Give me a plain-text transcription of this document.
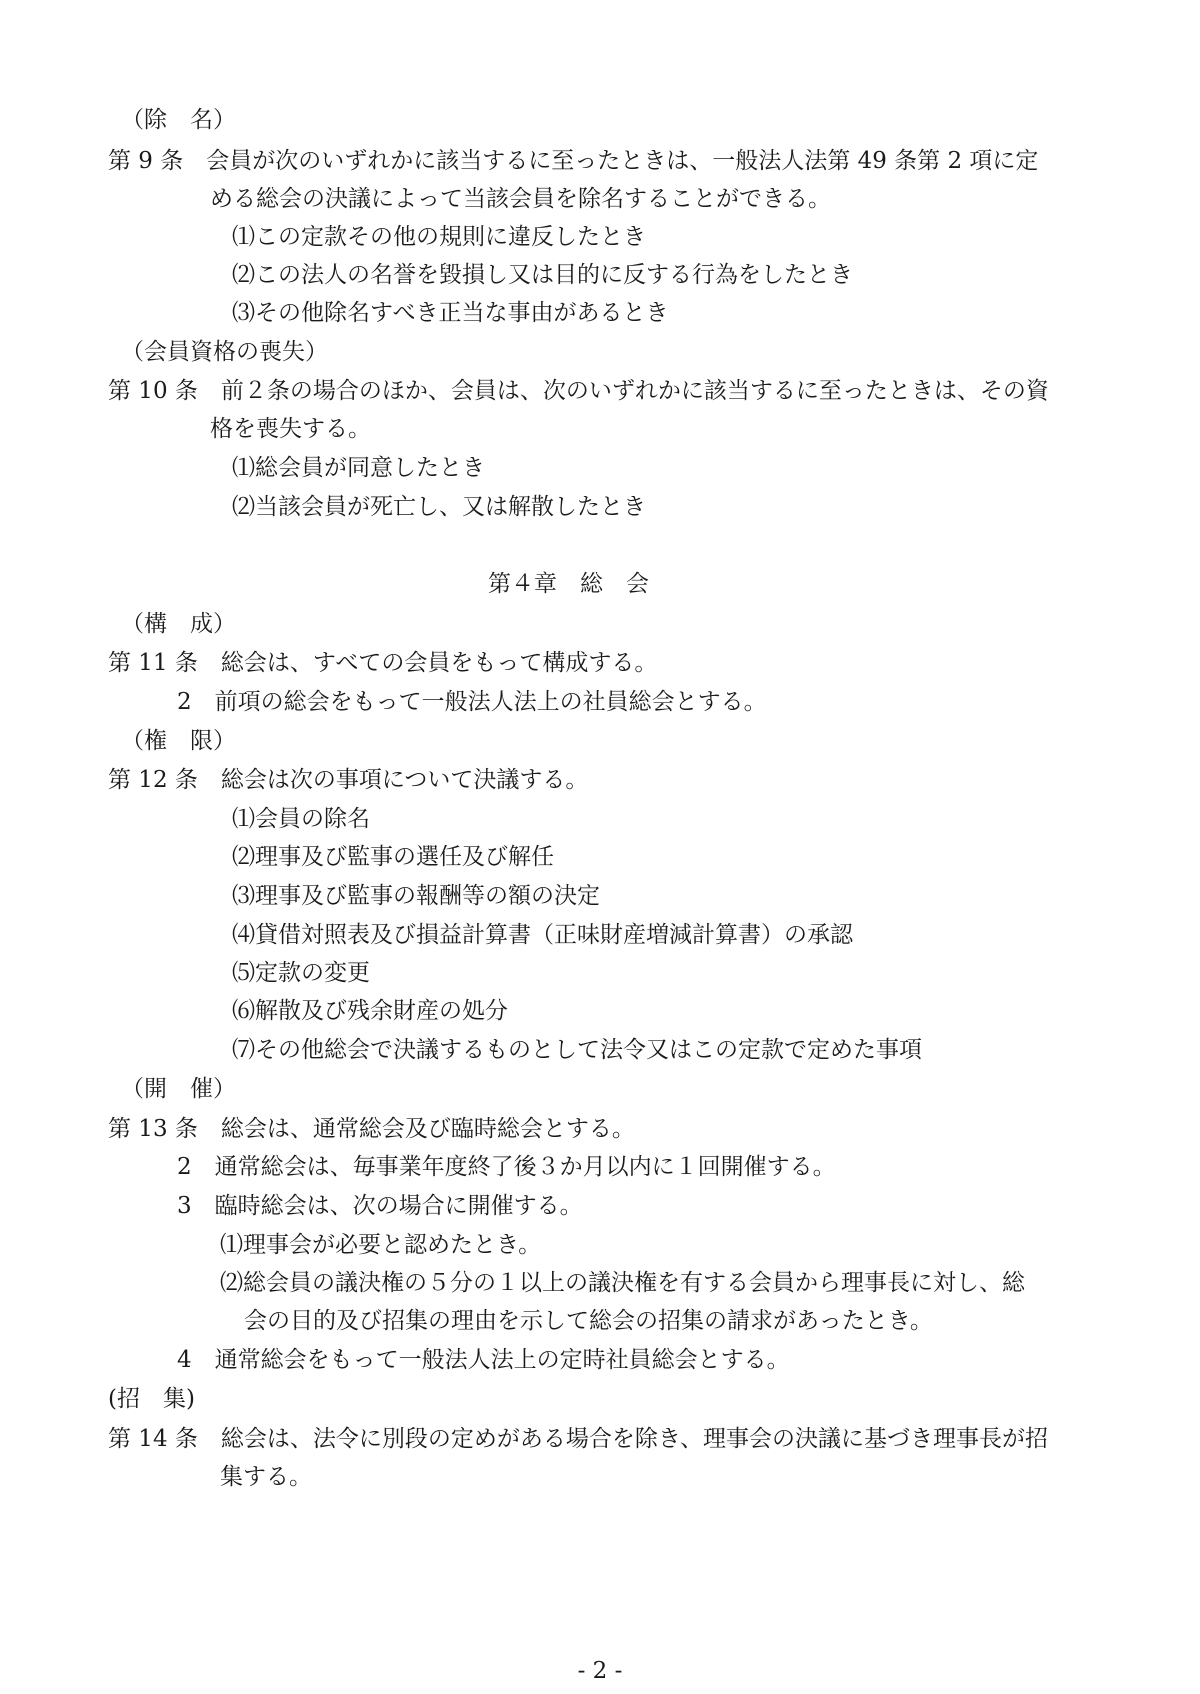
（除　名）
第 9 条　会員が次のいずれかに該当するに至ったときは、一般法人法第 49 条第 2 項に定
める総会の決議によって当該会員を除名することができる。
⑴この定款その他の規則に違反したとき
⑵この法人の名誉を毀損し又は目的に反する行為をしたとき
⑶その他除名すべき正当な事由があるとき
（会員資格の喪失）
第 10 条　前２条の場合のほか、会員は、次のいずれかに該当するに至ったときは、その資
格を喪失する。
⑴総会員が同意したとき
⑵当該会員が死亡し、又は解散したとき
第４章　総　会
（構　成）
第 11 条　総会は、すべての会員をもって構成する。
2　前項の総会をもって一般法人法上の社員総会とする。
（権　限）
第 12 条　総会は次の事項について決議する。
⑴会員の除名
⑵理事及び監事の選任及び解任
⑶理事及び監事の報酬等の額の決定
⑷貸借対照表及び損益計算書（正味財産増減計算書）の承認
⑸定款の変更
⑹解散及び残余財産の処分
⑺その他総会で決議するものとして法令又はこの定款で定めた事項
（開　催）
第 13 条　総会は、通常総会及び臨時総会とする。
2　通常総会は、毎事業年度終了後３か月以内に１回開催する。
3　臨時総会は、次の場合に開催する。
⑴理事会が必要と認めたとき。
⑵総会員の議決権の５分の１以上の議決権を有する会員から理事長に対し、総
会の目的及び招集の理由を示して総会の招集の請求があったとき。
4　通常総会をもって一般法人法上の定時社員総会とする。
(招　集)
第 14 条　総会は、法令に別段の定めがある場合を除き、理事会の決議に基づき理事長が招
集する。
- 2 -
